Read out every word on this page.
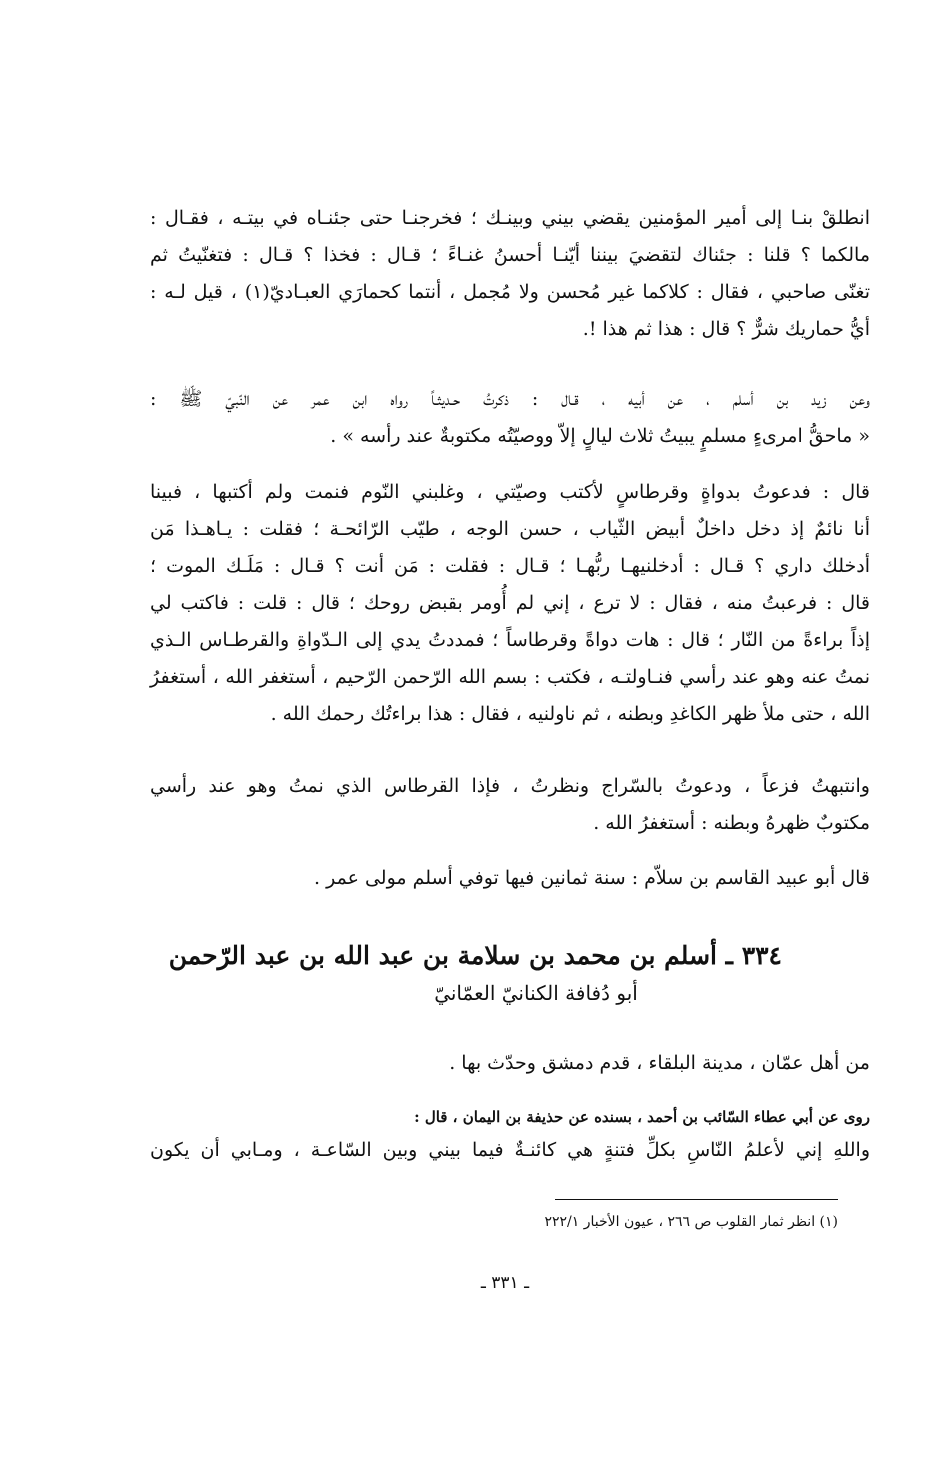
انطلقْ بنـا إلى أمير المؤمنين يقضي بيني وبينـك ؛ فخرجنـا حتى جئنـاه في بيتـه ، فقـال :
مالكما ؟ قلنا : جئناك لتقضيَ بيننا أيّنـا أحسنُ غنـاءً ؛ قـال : فخذا ؟ قـال : فتغنّيتُ ثم
تغنّى صاحبي ، فقال : كلاكما غير مُحسن ولا مُجمل ، أنتما كحمارَي العبـاديّ(١) ، قيل لـه :
أيُّ حماريك شرٌّ ؟ قال : هذا ثم هذا !.
وعن زيد بن أسلم ، عن أبيه ، قـال : ذكرتُ حـديثـاً رواه ابن عمر عن النّبيّ ﷺ :
« ماحقُّ امرىءٍ مسلمٍ يبيتُ ثلاث ليالٍ إلاّ ووصيّتُه مكتوبةٌ عند رأسه » .
قال : فدعوتُ بدواةٍ وقرطاسٍ لأكتب وصيّتي ، وغلبني النّوم فنمت ولم أكتبها ، فبينا
أنا نائمٌ إذ دخل داخلٌ أبيض الثّياب ، حسن الوجه ، طيّب الرّائحـة ؛ فقلت : يـاهـذا مَن
أدخلك داري ؟ قـال : أدخلنيهـا ربُّهـا ؛ قـال : فقلت : مَن أنت ؟ قـال : مَلَـك الموت ؛
قال : فرعبتُ منه ، فقال : لا ترع ، إني لم أُومر بقبض روحك ؛ قال : قلت : فاكتب لي
إذاً براءةً من النّار ؛ قال : هات دواةً وقرطاساً ؛ فمددتُ يدي إلى الـدّواةِ والقرطـاس الـذي
نمتُ عنه وهو عند رأسي فنـاولتـه ، فكتب : بسم الله الرّحمن الرّحيم ، أستغفر الله ، أستغفرُ
الله ، حتى ملأ ظهر الكاغدِ وبطنه ، ثم ناولنيه ، فقال : هذا براءتُك رحمك الله .
وانتبهتُ فزعاً ، ودعوتُ بالسّراج ونظرتُ ، فإذا القرطاس الذي نمتُ وهو عند رأسي
مكتوبٌ ظهرهُ وبطنه : أستغفرُ الله .
قال أبو عبيد القاسم بن سلاّم : سنة ثمانين فيها توفي أسلم مولى عمر .
٣٣٤ ـ أسلم بن محمد بن سلامة بن عبد الله بن عبد الرّحمن
أبو دُفافة الكنانيّ العمّانيّ
من أهل عمّان ، مدينة البلقاء ، قدم دمشق وحدّث بها .
روى عن أبي عطاء السّائب بن أحمد ، بسنده عن حذيفة بن اليمان ، قال :
واللهِ إني لأعلمُ النّاسِ بكلِّ فتنةٍ هي كائنـةٌ فيما بيني وبين السّاعـة ، ومـابي أن يكون
(١) انظر ثمار القلوب ص ٢٦٦ ، عيون الأخبار ٢٢٢/١
ـ ٣٣١ ـ
